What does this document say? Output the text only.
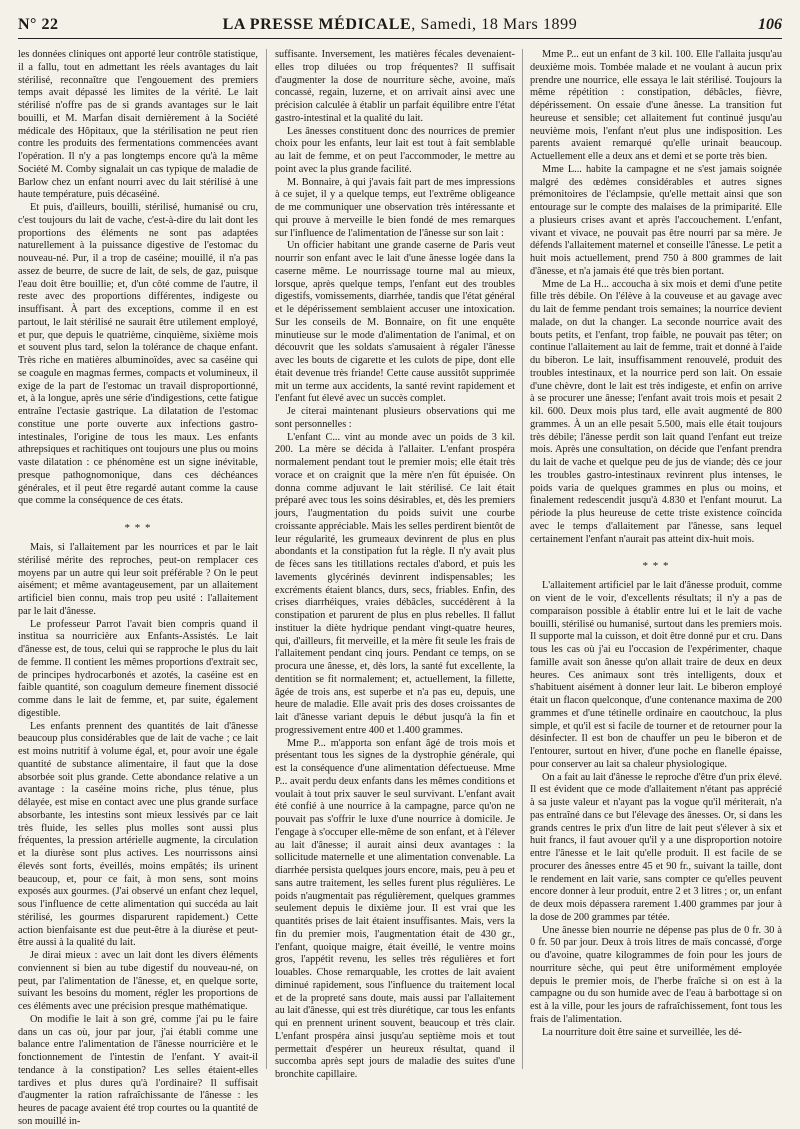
N° 22	LA PRESSE MÉDICALE, Samedi, 18 Mars 1899	106

les données cliniques ont apporté leur contrôle statistique, il a fallu, tout en admettant les réels avantages du lait stérilisé, reconnaître que l'engouement des premiers temps avait dépassé les limites de la vérité. Le lait stérilisé n'offre pas de si grands avantages sur le lait bouilli, et M. Marfan disait dernièrement à la Société médicale des Hôpitaux, que la stérilisation ne peut rien contre les produits des fermentations commencées avant l'opération. Il n'y a pas longtemps encore qu'à la même Société M. Comby signalait un cas typique de maladie de Barlow chez un enfant nourri avec du lait stérilisé à une haute température, puis décaséiné.

Et puis, d'ailleurs, bouilli, stérilisé, humanisé ou cru, c'est toujours du lait de vache, c'est-à-dire du lait dont les proportions des éléments ne sont pas adaptées naturellement à la puissance digestive de l'estomac du nouveau-né. Pur, il a trop de caséine; mouillé, il n'a pas assez de beurre, de sucre de lait, de sels, de gaz, puisque l'eau doit être bouillie; et, d'un côté comme de l'autre, il reste avec des proportions différentes, indigeste ou insuffisant. À part des exceptions, comme il en est partout, le lait stérilisé ne saurait être utilement employé, et pur, que depuis le quatrième, cinquième, sixième mois et souvent plus tard, selon la tolérance de chaque enfant. Très riche en matières albuminoïdes, avec sa caséine qui se coagule en magmas fermes, compacts et volumineux, il exige de la part de l'estomac un travail disproportionné, et, à la longue, après une série d'indigestions, cette fatigue entraîne l'ectasie gastrique. La dilatation de l'estomac constitue une porte ouverte aux infections gastro-intestinales, l'origine de tous les maux. Les enfants athrepsiques et rachitiques ont toujours une plus ou moins vaste dilatation : ce phénomène est un signe inévitable, presque pathognomonique, dans ces déchéances générales, et il peut être regardé autant comme la cause que comme la conséquence de ces états.

* * *

Mais, si l'allaitement par les nourrices et par le lait stérilisé mérite des reproches, peut-on remplacer ces moyens par un autre qui leur soit préférable ? On le peut aisément; et même avantageusement, par un allaitement artificiel bien connu, mais trop peu usité : l'allaitement par le lait d'ânesse.

Le professeur Parrot l'avait bien compris quand il institua sa nourricière aux Enfants-Assistés. Le lait d'ânesse est, de tous, celui qui se rapproche le plus du lait de femme. Il contient les mêmes proportions d'extrait sec, de principes hydrocarbonés et azotés, la caséine est en faible quantité, son coagulum demeure finement dissocié comme dans le lait de femme, et, par suite, également digestible.

Les enfants prennent des quantités de lait d'ânesse beaucoup plus considérables que de lait de vache ; ce lait est moins nutritif à volume égal, et, pour avoir une égale quantité de substance alimentaire, il faut que la dose absorbée soit plus grande. Cette abondance relative a un avantage : la caséine moins riche, plus ténue, plus délayée, est mise en contact avec une plus grande surface absorbante, les intestins sont mieux lessivés par ce lait très fluide, les selles plus molles sont aussi plus fréquentes, la pression artérielle augmente, la circulation et la diurèse sont plus actives. Les nourrissons ainsi élevés sont forts, éveillés, moins empâtés; ils urinent beaucoup, et, pour ce fait, à mon sens, sont moins exposés aux gourmes. (J'ai observé un enfant chez lequel, sous l'influence de cette alimentation qui succéda au lait stérilisé, les gourmes disparurent rapidement.) Cette action bienfaisante est due peut-être à la diurèse et peut-être aussi à la qualité du lait.

Je dirai mieux : avec un lait dont les divers éléments conviennent si bien au tube digestif du nouveau-né, on peut, par l'alimentation de l'ânesse, et, en quelque sorte, suivant les besoins du moment, régler les proportions de ces éléments avec une précision presque mathématique.

On modifie le lait à son gré, comme j'ai pu le faire dans un cas où, jour par jour, j'ai établi comme une balance entre l'alimentation de l'ânesse nourricière et le fonctionnement de l'intestin de l'enfant. Y avait-il tendance à la constipation? Les selles étaient-elles tardives et plus dures qu'à l'ordinaire? Il suffisait d'augmenter la ration rafraîchissante de l'ânesse : les heures de pacage avaient été trop courtes ou la quantité de son mouillé in-

suffisante. Inversement, les matières fécales devenaient-elles trop diluées ou trop fréquentes? Il suffisait d'augmenter la dose de nourriture sèche, avoine, maïs concassé, regain, luzerne, et on arrivait ainsi avec une précision calculée à établir un parfait équilibre entre l'état gastro-intestinal et la qualité du lait.

Les ânesses constituent donc des nourrices de premier choix pour les enfants, leur lait est tout à fait semblable au lait de femme, et on peut l'accommoder, le mettre au point avec la plus grande facilité.

M. Bonnaire, à qui j'avais fait part de mes impressions à ce sujet, il y a quelque temps, eut l'extrême obligeance de me communiquer une observation très intéressante et qui prouve à merveille le bien fondé de mes remarques sur l'influence de l'alimentation de l'ânesse sur son lait :

Un officier habitant une grande caserne de Paris veut nourrir son enfant avec le lait d'une ânesse logée dans la caserne même. Le nourrissage tourne mal au mieux, lorsque, après quelque temps, l'enfant eut des troubles digestifs, vomissements, diarrhée, tandis que l'état général et le dépérissement semblaient accuser une intoxication. Sur les conseils de M. Bonnaire, on fit une enquête minutieuse sur le mode d'alimentation de l'animal, et on découvrit que les soldats s'amusaient à régaler l'ânesse avec les bouts de cigarette et les culots de pipe, dont elle était devenue très friande! Cette cause aussitôt supprimée mit un terme aux accidents, la santé revint rapidement et l'enfant fut élevé avec un succès complet.

Je citerai maintenant plusieurs observations qui me sont personnelles :

L'enfant C... vint au monde avec un poids de 3 kil. 200. La mère se décida à l'allaiter. L'enfant prospéra normalement pendant tout le premier mois; elle était très vorace et on craignit que la mère n'en fût épuisée. On donna comme adjuvant le lait stérilisé. Ce lait était préparé avec tous les soins désirables, et, dès les premiers jours, l'augmentation du poids suivit une courbe croissante appréciable. Mais les selles perdirent bientôt de leur régularité, les grumeaux devinrent de plus en plus abondants et la constipation fut la règle. Il n'y avait plus de fèces sans les titillations rectales d'abord, et puis les lavements glycérinés devinrent indispensables; les excréments étaient blancs, durs, secs, friables. Enfin, des crises diarrhéiques, vraies débâcles, succédèrent à la constipation et parurent de plus en plus rebelles. Il fallut instituer la diète hydrique pendant vingt-quatre heures, qui, d'ailleurs, fit merveille, et la mère fit seule les frais de l'allaitement pendant cinq jours. Pendant ce temps, on se procura une ânesse, et, dès lors, la santé fut excellente, la dentition se fit normalement; et, actuellement, la fillette, âgée de trois ans, est superbe et n'a pas eu, depuis, une heure de maladie. Elle avait pris des doses croissantes de lait d'ânesse variant depuis le début jusqu'à la fin et progressivement entre 400 et 1.400 grammes.

Mme P... m'apporta son enfant âgé de trois mois et présentant tous les signes de la dystrophie générale, qui est la conséquence d'une alimentation défectueuse. Mme P... avait perdu deux enfants dans les mêmes conditions et voulait à tout prix sauver le seul survivant. L'enfant avait été confié à une nourrice à la campagne, parce qu'on ne pouvait pas s'offrir le luxe d'une nourrice à domicile. Je l'engage à s'occuper elle-même de son enfant, et à l'élever au lait d'ânesse; il aurait ainsi deux avantages : la sollicitude maternelle et une alimentation convenable. La diarrhée persista quelques jours encore, mais, peu à peu et sans autre traitement, les selles furent plus régulières. Le poids n'augmentait pas régulièrement, quelques grammes seulement depuis le dixième jour. Il est vrai que les quantités prises de lait étaient insuffisantes. Mais, vers la fin du premier mois, l'augmentation était de 430 gr., l'enfant, quoique maigre, était éveillé, le ventre moins gros, l'appétit revenu, les selles très régulières et fort louables. Chose remarquable, les crottes de lait avaient diminué rapidement, sous l'influence du traitement local et de la propreté sans doute, mais aussi par l'allaitement au lait d'ânesse, qui est très diurétique, car tous les enfants qui en prennent urinent souvent, beaucoup et très clair. L'enfant prospéra ainsi jusqu'au septième mois et tout permettait d'espérer un heureux résultat, quand il succomba après sept jours de maladie des suites d'une bronchite capillaire.

Mme P... eut un enfant de 3 kil. 100. Elle l'allaita jusqu'au deuxième mois. Tombée malade et ne voulant à aucun prix prendre une nourrice, elle essaya le lait stérilisé. Toujours la même répétition : constipation, débâcles, fièvre, dépérissement. On essaie d'une ânesse. La transition fut heureuse et sensible; cet allaitement fut continué jusqu'au neuvième mois, l'enfant n'eut plus une indisposition. Les parents avaient remarqué qu'elle urinait beaucoup. Actuellement elle a deux ans et demi et se porte très bien.

Mme L... habite la campagne et ne s'est jamais soignée malgré des œdèmes considérables et autres signes prémonitoires de l'éclampsie, qu'elle mettait ainsi que son entourage sur le compte des malaises de la primiparité. Elle a plusieurs crises avant et après l'accouchement. L'enfant, vivant et vivace, ne pouvait pas être nourri par sa mère. Je défends l'allaitement maternel et conseille l'ânesse. Le petit a huit mois actuellement, prend 750 à 800 grammes de lait d'ânesse, et n'a jamais été que très bien portant.

Mme de La H... accoucha à six mois et demi d'une petite fille très débile. On l'élève à la couveuse et au gavage avec du lait de femme pendant trois semaines; la nourrice devient malade, on dut la changer. La seconde nourrice avait des bouts petits, et l'enfant, trop faible, ne pouvait pas têter; on continue l'allaitement au lait de femme, trait et donné à l'aide du biberon. Le lait, insuffisamment renouvelé, produit des troubles intestinaux, et la nourrice perd son lait. On essaie d'une chèvre, dont le lait est très indigeste, et enfin on arrive à se procurer une ânesse; l'enfant avait trois mois et pesait 2 kil. 600. Deux mois plus tard, elle avait augmenté de 800 grammes. À un an elle pesait 5.500, mais elle était toujours très débile; l'ânesse perdit son lait quand l'enfant eut treize mois. Après une consultation, on décide que l'enfant prendra du lait de vache et quelque peu de jus de viande; dès ce jour les troubles gastro-intestinaux revinrent plus intenses, le poids varia de quelques grammes en plus ou moins, et finalement redescendit jusqu'à 4.830 et l'enfant mourut. La période la plus heureuse de cette triste existence coïncida avec le temps d'allaitement par l'ânesse, sans lequel certainement l'enfant n'aurait pas atteint dix-huit mois.

* * *

L'allaitement artificiel par le lait d'ânesse produit, comme on vient de le voir, d'excellents résultats; il n'y a pas de comparaison possible à établir entre lui et le lait de vache bouilli, stérilisé ou humanisé, surtout dans les premiers mois. Il supporte mal la cuisson, et doit être donné pur et cru. Dans tous les cas où j'ai eu l'occasion de l'expérimenter, chaque famille avait son ânesse qu'on allait traire de deux en deux heures. Ces animaux sont très intelligents, doux et s'habituent aisément à donner leur lait. Le biberon employé était un flacon quelconque, d'une contenance maxima de 200 grammes et d'une tétinelle ordinaire en caoutchouc, la plus simple, et qu'il est si facile de tourner et de retourner pour la désinfecter. Il est bon de chauffer un peu le biberon et de l'entourer, surtout en hiver, d'une poche en flanelle épaisse, pour conserver au lait sa chaleur physiologique.

On a fait au lait d'ânesse le reproche d'être d'un prix élevé. Il est évident que ce mode d'allaitement n'étant pas apprécié à sa juste valeur et n'ayant pas la vogue qu'il mériterait, n'a pas entraîné dans ce but l'élevage des ânesses. Or, si dans les grands centres le prix d'un litre de lait peut s'élever à six et huit francs, il faut avouer qu'il y a une disproportion notoire entre l'ânesse et le lait qu'elle produit. Il est facile de se procurer des ânesses entre 45 et 90 fr., suivant la taille, dont le rendement en lait varie, sans compter ce qu'elles peuvent encore donner à leur produit, entre 2 et 3 litres ; or, un enfant de deux mois dépassera rarement 1.400 grammes par jour à la dose de 200 grammes par tétée.

Une ânesse bien nourrie ne dépense pas plus de 0 fr. 30 à 0 fr. 50 par jour. Deux à trois litres de maïs concassé, d'orge ou d'avoine, quatre kilogrammes de foin pour les jours de nourriture sèche, qui peut être uniformément employée depuis le premier mois, de l'herbe fraîche si on est à la campagne ou du son humide avec de l'eau à barbottage si on est à la ville, pour les jours de rafraîchissement, font tous les frais de l'alimentation.

La nourriture doit être saine et surveillée, les dé-
